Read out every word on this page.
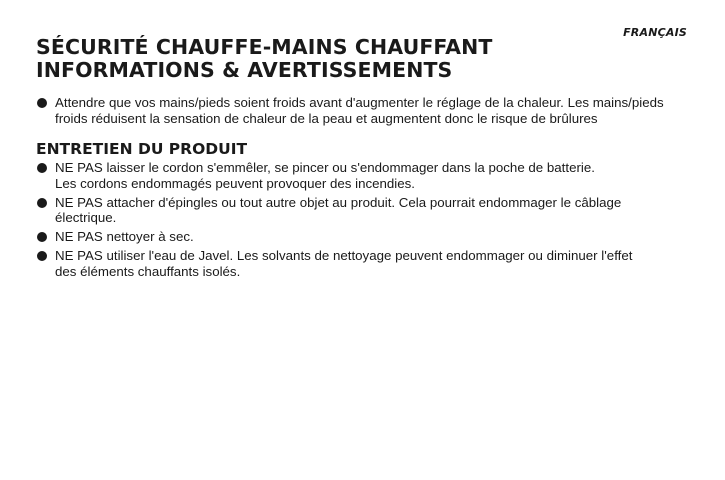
FRANÇAIS
SÉCURITÉ CHAUFFE-MAINS CHAUFFANT
INFORMATIONS & AVERTISSEMENTS
Attendre que vos mains/pieds soient froids avant d'augmenter le réglage de la chaleur. Les mains/pieds
froids réduisent la sensation de chaleur de la peau et augmentent donc le risque de brûlures
ENTRETIEN DU PRODUIT
NE PAS laisser le cordon s'emmêler, se pincer ou s'endommager dans la poche de batterie.
Les cordons endommagés peuvent provoquer des incendies.
NE PAS attacher d'épingles ou tout autre objet au produit. Cela pourrait endommager le câblage
électrique.
NE PAS nettoyer à sec.
NE PAS utiliser l'eau de Javel. Les solvants de nettoyage peuvent endommager ou diminuer l'effet
des éléments chauffants isolés.
